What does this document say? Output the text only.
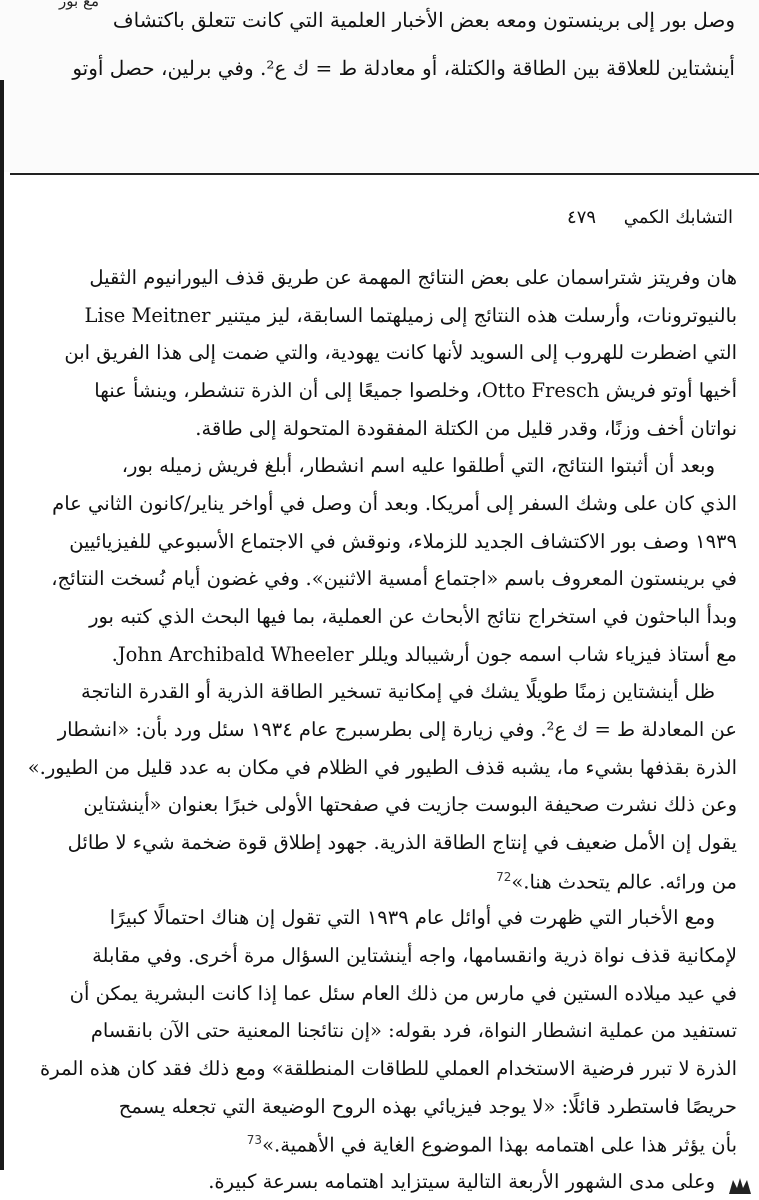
مع بور
وصل بور إلى برينستون ومعه بعض الأخبار العلمية التي كانت تتعلق باكتشاف
أينشتاين للعلاقة بين الطاقة والكتلة، أو معادلة ط = ك ع². وفي برلين، حصل أوتو
التشابك الكمي ٤٧٩
هان وفريتز شتراسمان على بعض النتائج المهمة عن طريق قذف اليورانيوم الثقيل
بالنيوترونات، وأرسلت هذه النتائج إلى زميلهتما السابقة، ليز ميتنير Lise Meitner
التي اضطرت للهروب إلى السويد لأنها كانت يهودية، والتي ضمت إلى هذا الفريق ابن
أخيها أوتو فريش Otto Fresch، وخلصوا جميعًا إلى أن الذرة تنشطر، وينشأ عنها
نواتان أخف وزنًا، وقدر قليل من الكتلة المفقودة المتحولة إلى طاقة.
وبعد أن أثبتوا النتائج، التي أطلقوا عليه اسم انشطار، أبلغ فريش زميله بور،
الذي كان على وشك السفر إلى أمريكا. وبعد أن وصل في أواخر يناير/كانون الثاني عام
١٩٣٩ وصف بور الاكتشاف الجديد للزملاء، ونوقش في الاجتماع الأسبوعي للفيزيائيين
في برينستون المعروف باسم «اجتماع أمسية الاثنين». وفي غضون أيام نُسخت النتائج،
وبدأ الباحثون في استخراج نتائج الأبحاث عن العملية، بما فيها البحث الذي كتبه بور
مع أستاذ فيزياء شاب اسمه جون أرشيبالد ويللر John Archibald Wheeler.
ظل أينشتاين زمنًا طويلًا يشك في إمكانية تسخير الطاقة الذرية أو القدرة الناتجة
عن المعادلة ط = ك ع². وفي زيارة إلى بطرسبرج عام ١٩٣٤ سئل ورد بأن: «انشطار
الذرة بقذفها بشيء ما، يشبه قذف الطيور في الظلام في مكان به عدد قليل من الطيور.»
وعن ذلك نشرت صحيفة البوست جازيت في صفحتها الأولى خبرًا بعنوان «أينشتاين
يقول إن الأمل ضعيف في إنتاج الطاقة الذرية. جهود إطلاق قوة ضخمة شيء لا طائل
من ورائه. عالم يتحدث هنا.»$^{72}$
ومع الأخبار التي ظهرت في أوائل عام ١٩٣٩ التي تقول إن هناك احتمالًا كبيرًا
لإمكانية قذف نواة ذرية وانقسامها، واجه أينشتاين السؤال مرة أخرى. وفي مقابلة
في عيد ميلاده الستين في مارس من ذلك العام سئل عما إذا كانت البشرية يمكن أن
تستفيد من عملية انشطار النواة، فرد بقوله: «إن نتائجنا المعنية حتى الآن بانقسام
الذرة لا تبرر فرضية الاستخدام العملي للطاقات المنطلقة» ومع ذلك فقد كان هذه المرة
حريصًا فاستطرد قائلًا: «لا يوجد فيزيائي بهذه الروح الوضيعة التي تجعله يسمح
بأن يؤثر هذا على اهتمامه بهذا الموضوع الغاية في الأهمية.»$^{73}$
وعلى مدى الشهور الأربعة التالية سيتزايد اهتمامه بسرعة كبيرة.
